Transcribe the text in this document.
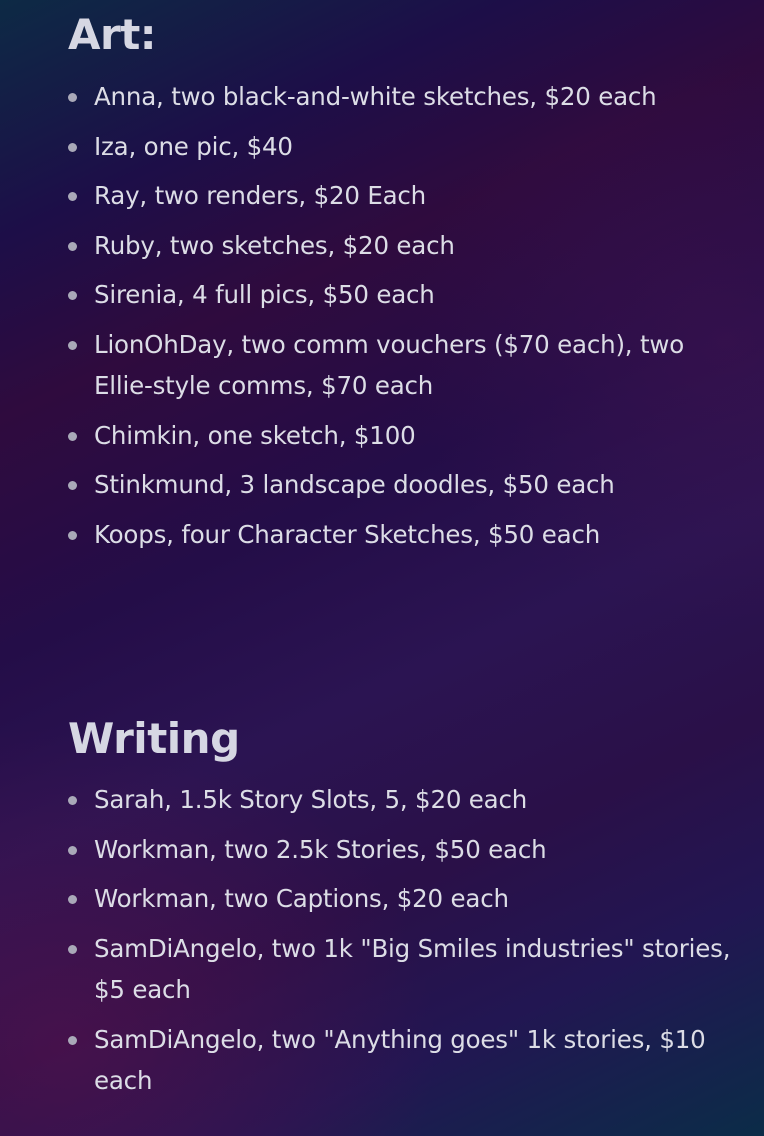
Art:
Anna, two black-and-white sketches, $20 each
Iza, one pic, $40
Ray, two renders, $20 Each
Ruby, two sketches, $20 each
Sirenia, 4 full pics, $50 each
LionOhDay, two comm vouchers ($70 each), two Ellie-style comms, $70 each
Chimkin, one sketch, $100
Stinkmund, 3 landscape doodles, $50 each
Koops, four Character Sketches, $50 each
Writing
Sarah, 1.5k Story Slots, 5, $20 each
Workman, two 2.5k Stories, $50 each
Workman, two Captions, $20 each
SamDiAngelo, two 1k "Big Smiles industries" stories, $5 each
SamDiAngelo, two "Anything goes" 1k stories, $10 each
